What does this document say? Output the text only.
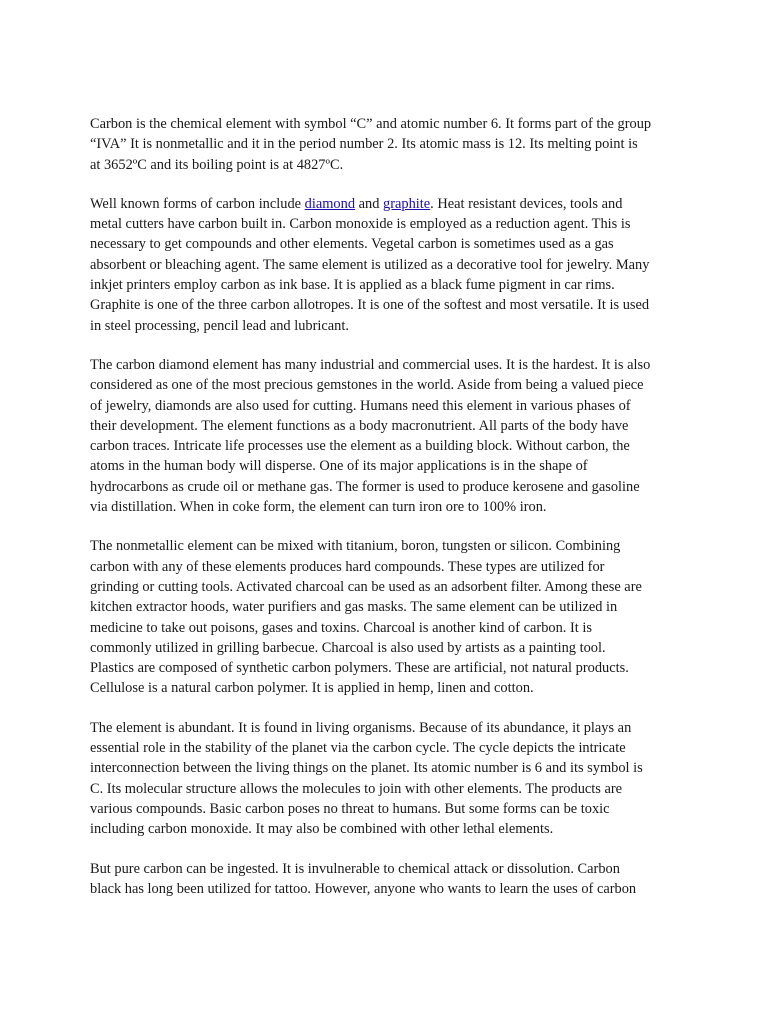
Carbon is the chemical element with symbol “C” and atomic number 6. It forms part of the group
“IVA” It is nonmetallic and it in the period number 2. Its atomic mass is 12. Its melting point is
at 3652ºC and its boiling point is at 4827ºC.

Well known forms of carbon include diamond and graphite. Heat resistant devices, tools and
metal cutters have carbon built in. Carbon monoxide is employed as a reduction agent. This is
necessary to get compounds and other elements. Vegetal carbon is sometimes used as a gas
absorbent or bleaching agent. The same element is utilized as a decorative tool for jewelry. Many
inkjet printers employ carbon as ink base. It is applied as a black fume pigment in car rims.
Graphite is one of the three carbon allotropes. It is one of the softest and most versatile. It is used
in steel processing, pencil lead and lubricant.

The carbon diamond element has many industrial and commercial uses. It is the hardest. It is also
considered as one of the most precious gemstones in the world. Aside from being a valued piece
of jewelry, diamonds are also used for cutting. Humans need this element in various phases of
their development. The element functions as a body macronutrient. All parts of the body have
carbon traces. Intricate life processes use the element as a building block. Without carbon, the
atoms in the human body will disperse. One of its major applications is in the shape of
hydrocarbons as crude oil or methane gas. The former is used to produce kerosene and gasoline
via distillation. When in coke form, the element can turn iron ore to 100% iron.

The nonmetallic element can be mixed with titanium, boron, tungsten or silicon. Combining
carbon with any of these elements produces hard compounds. These types are utilized for
grinding or cutting tools. Activated charcoal can be used as an adsorbent filter. Among these are
kitchen extractor hoods, water purifiers and gas masks. The same element can be utilized in
medicine to take out poisons, gases and toxins. Charcoal is another kind of carbon. It is
commonly utilized in grilling barbecue. Charcoal is also used by artists as a painting tool.
Plastics are composed of synthetic carbon polymers. These are artificial, not natural products.
Cellulose is a natural carbon polymer. It is applied in hemp, linen and cotton.

The element is abundant. It is found in living organisms. Because of its abundance, it plays an
essential role in the stability of the planet via the carbon cycle. The cycle depicts the intricate
interconnection between the living things on the planet. Its atomic number is 6 and its symbol is
C. Its molecular structure allows the molecules to join with other elements. The products are
various compounds. Basic carbon poses no threat to humans. But some forms can be toxic
including carbon monoxide. It may also be combined with other lethal elements.

But pure carbon can be ingested. It is invulnerable to chemical attack or dissolution. Carbon
black has long been utilized for tattoo. However, anyone who wants to learn the uses of carbon
